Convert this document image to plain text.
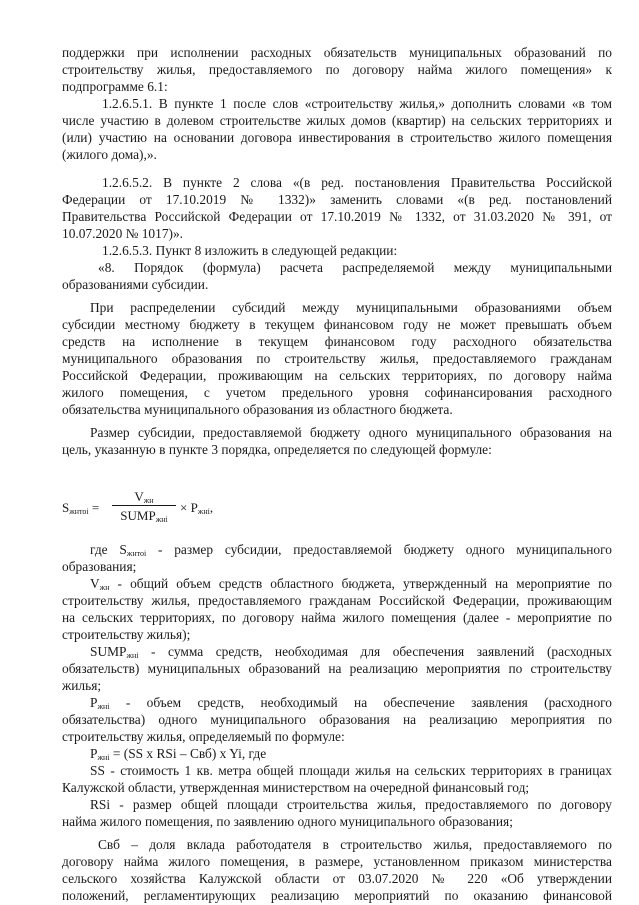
поддержки при исполнении расходных обязательств муниципальных образований по
строительству жилья, предоставляемого по договору найма жилого помещения» к
подпрограмме 6.1:
1.2.6.5.1. В пункте 1 после слов «строительству жилья,» дополнить словами «в том
числе участию в долевом строительстве жилых домов (квартир) на сельских территориях и
(или) участию на основании договора инвестирования в строительство жилого помещения
(жилого дома),».
1.2.6.5.2. В пункте 2 слова «(в ред. постановления Правительства Российской
Федерации от 17.10.2019 № 1332)» заменить словами «(в ред. постановлений
Правительства Российской Федерации от 17.10.2019 № 1332, от 31.03.2020 № 391, от
10.07.2020 № 1017)».
1.2.6.5.3. Пункт 8 изложить в следующей редакции:
«8. Порядок (формула) расчета распределяемой между муниципальными
образованиями субсидии.
При распределении субсидий между муниципальными образованиями объем
субсидии местному бюджету в текущем финансовом году не может превышать объем
средств на исполнение в текущем финансовом году расходного обязательства
муниципального образования по строительству жилья, предоставляемого гражданам
Российской Федерации, проживающим на сельских территориях, по договору найма
жилого помещения, с учетом предельного уровня софинансирования расходного
обязательства муниципального образования из областного бюджета.
Размер субсидии, предоставляемой бюджету одного муниципального образования на
цель, указанную в пункте 3 порядка, определяется по следующей формуле:
$S_{жнтоі}$ =
$V_{жн}$
$SUMP_{жнi}$
× $P_{жнi}$,
где $S_{жнтоі}$ - размер субсидии, предоставляемой бюджету одного муниципального
образования;
$V_{жн}$ - общий объем средств областного бюджета, утвержденный на мероприятие по
строительству жилья, предоставляемого гражданам Российской Федерации, проживающим
на сельских территориях, по договору найма жилого помещения (далее - мероприятие по
строительству жилья);
$SUMP_{жнi}$ - сумма средств, необходимая для обеспечения заявлений (расходных
обязательств) муниципальных образований на реализацию мероприятия по строительству
жилья;
$P_{жнi}$ - объем средств, необходимый на обеспечение заявления (расходного
обязательства) одного муниципального образования на реализацию мероприятия по
строительству жилья, определяемый по формуле:
$P_{жнi} = (SS$ x RSi – Свб) x Yi, где
SS - стоимость 1 кв. метра общей площади жилья на сельских территориях в границах
Калужской области, утвержденная министерством на очередной финансовый год;
RSi - размер общей площади строительства жилья, предоставляемого по договору
найма жилого помещения, по заявлению одного муниципального образования;
Свб – доля вклада работодателя в строительство жилья, предоставляемого по
договору найма жилого помещения, в размере, установленном приказом министерства
сельского хозяйства Калужской области от 03.07.2020 № 220 «Об утверждении
положений, регламентирующих реализацию мероприятий по оказанию финансовой
